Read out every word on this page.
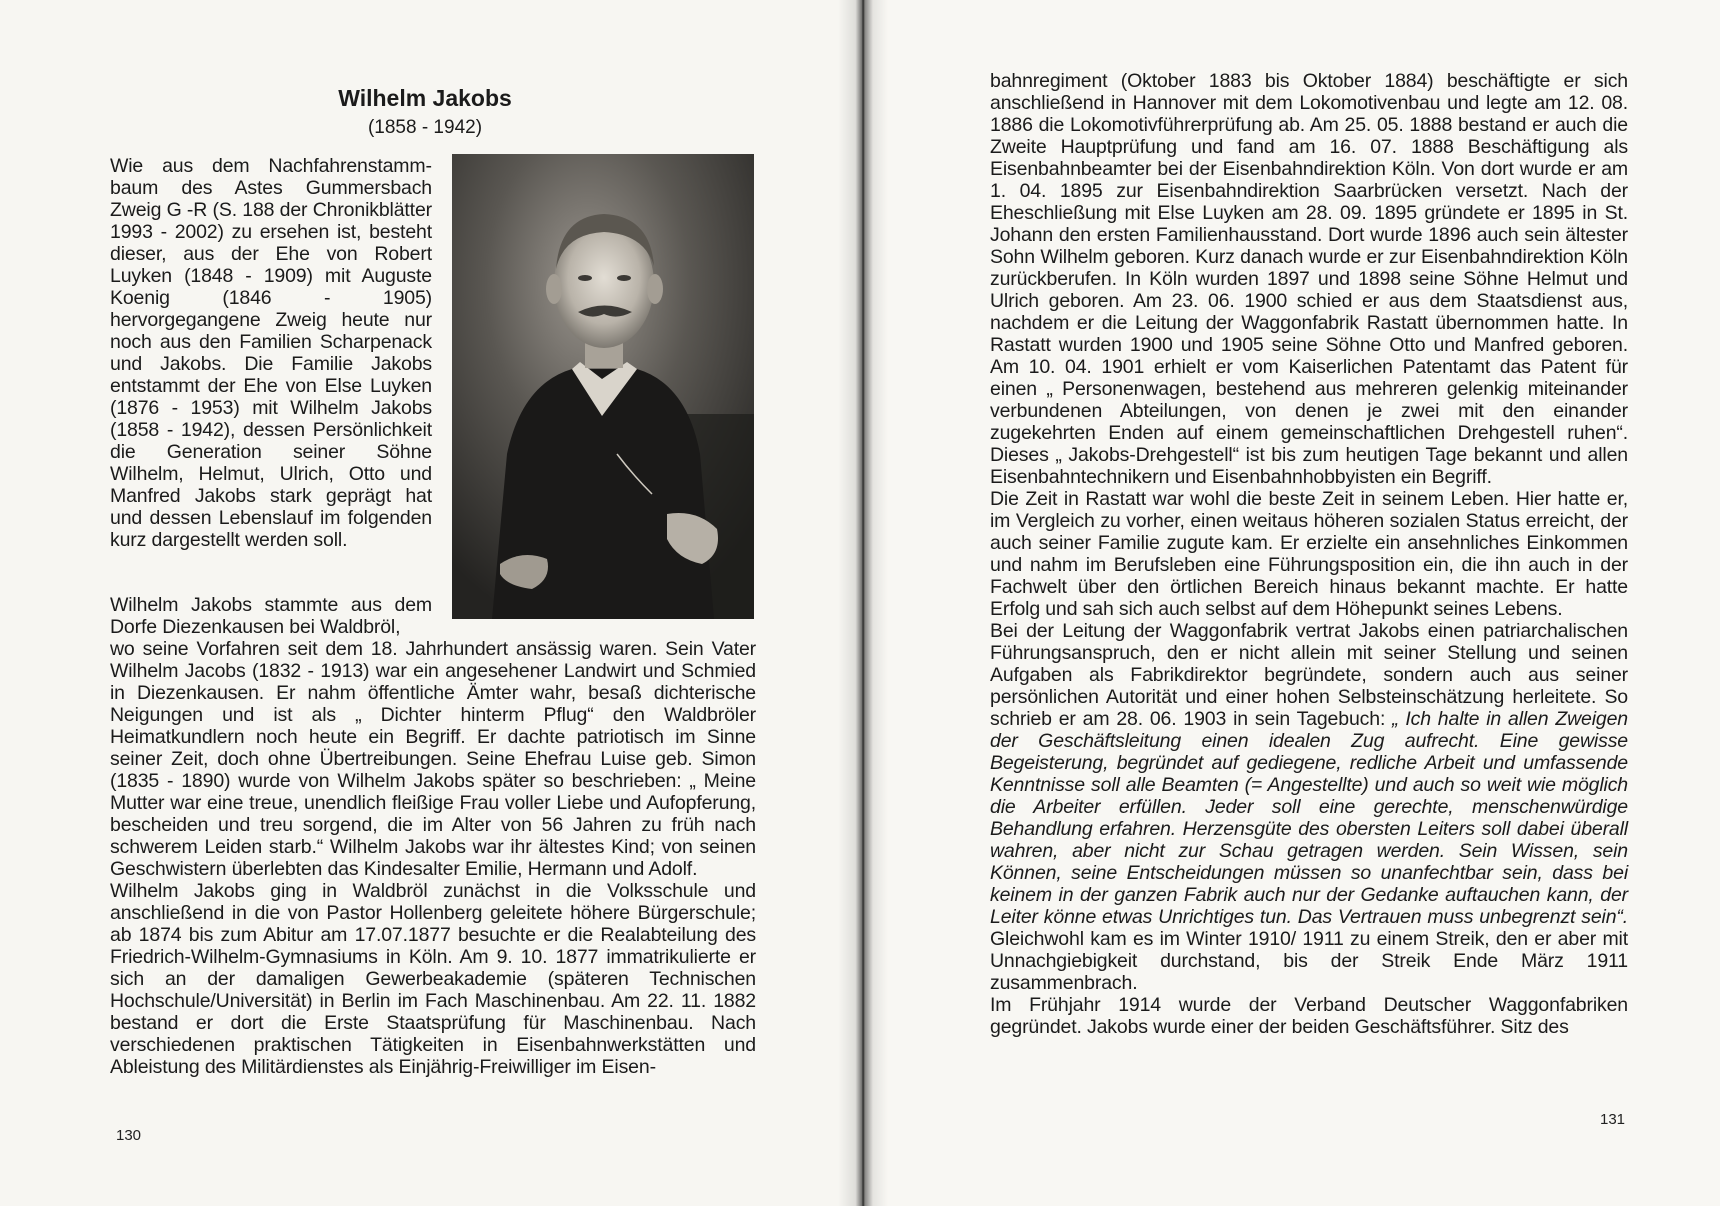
Wilhelm Jakobs
(1858 - 1942)

Wie aus dem Nachfahrenstammbaum des Astes Gummersbach Zweig G -R (S. 188 der Chronikblätter 1993 - 2002) zu ersehen ist, besteht dieser, aus der Ehe von Robert Luyken (1848 - 1909) mit Auguste Koenig (1846 - 1905) hervorgegangene Zweig heute nur noch aus den Familien Scharpenack und Jakobs. Die Familie Jakobs entstammt der Ehe von Else Luyken (1876 - 1953) mit Wilhelm Jakobs (1858 - 1942), dessen Persönlichkeit die Generation seiner Söhne Wilhelm, Helmut, Ulrich, Otto und Manfred Jakobs stark geprägt hat und dessen Lebenslauf im folgenden kurz dargestellt werden soll.

Wilhelm Jakobs stammte aus dem Dorfe Diezenkausen bei Waldbröl,

wo seine Vorfahren seit dem 18. Jahrhundert ansässig waren. Sein Vater Wilhelm Jacobs (1832 - 1913) war ein angesehener Landwirt und Schmied in Diezenkausen. Er nahm öffentliche Ämter wahr, besaß dichterische Neigungen und ist als „ Dichter hinterm Pflug“ den Waldbröler Heimatkundlern noch heute ein Begriff. Er dachte patriotisch im Sinne seiner Zeit, doch ohne Übertreibungen. Seine Ehefrau Luise geb. Simon (1835 - 1890) wurde von Wilhelm Jakobs später so beschrieben: „ Meine Mutter war eine treue, unendlich fleißige Frau voller Liebe und Aufopferung, bescheiden und treu sorgend, die im Alter von 56 Jahren zu früh nach schwerem Leiden starb.“ Wilhelm Jakobs war ihr ältestes Kind; von seinen Geschwistern überlebten das Kindesalter Emilie, Hermann und Adolf.

Wilhelm Jakobs ging in Waldbröl zunächst in die Volksschule und anschließend in die von Pastor Hollenberg geleitete höhere Bürgerschule; ab 1874 bis zum Abitur am 17.07.1877 besuchte er die Realabteilung des Friedrich-Wilhelm-Gymnasiums in Köln. Am 9. 10. 1877 immatrikulierte er sich an der damaligen Gewerbeakademie (späteren Technischen Hochschule/Universität) in Berlin im Fach Maschinenbau. Am 22. 11. 1882 bestand er dort die Erste Staatsprüfung für Maschinenbau. Nach verschiedenen praktischen Tätigkeiten in Eisenbahnwerkstätten und Ableistung des Militärdienstes als Einjährig-Freiwilliger im Eisen-

130

bahnregiment (Oktober 1883 bis Oktober 1884) beschäftigte er sich anschließend in Hannover mit dem Lokomotivenbau und legte am 12. 08. 1886 die Lokomotivführerprüfung ab. Am 25. 05. 1888 bestand er auch die Zweite Hauptprüfung und fand am 16. 07. 1888 Beschäftigung als Eisenbahnbeamter bei der Eisenbahndirektion Köln. Von dort wurde er am 1. 04. 1895 zur Eisenbahndirektion Saarbrücken versetzt. Nach der Eheschließung mit Else Luyken am 28. 09. 1895 gründete er 1895 in St. Johann den ersten Familienhausstand. Dort wurde 1896 auch sein ältester Sohn Wilhelm geboren. Kurz danach wurde er zur Eisenbahndirektion Köln zurückberufen. In Köln wurden 1897 und 1898 seine Söhne Helmut und Ulrich geboren. Am 23. 06. 1900 schied er aus dem Staatsdienst aus, nachdem er die Leitung der Waggonfabrik Rastatt übernommen hatte. In Rastatt wurden 1900 und 1905 seine Söhne Otto und Manfred geboren. Am 10. 04. 1901 erhielt er vom Kaiserlichen Patentamt das Patent für einen „ Personenwagen, bestehend aus mehreren gelenkig miteinander verbundenen Abteilungen, von denen je zwei mit den einander zugekehrten Enden auf einem gemeinschaftlichen Drehgestell ruhen“. Dieses „ Jakobs-Drehgestell“ ist bis zum heutigen Tage bekannt und allen Eisenbahntechnikern und Eisenbahnhobbyisten ein Begriff.

Die Zeit in Rastatt war wohl die beste Zeit in seinem Leben. Hier hatte er, im Vergleich zu vorher, einen weitaus höheren sozialen Status erreicht, der auch seiner Familie zugute kam. Er erzielte ein ansehnliches Einkommen und nahm im Berufsleben eine Führungsposition ein, die ihn auch in der Fachwelt über den örtlichen Bereich hinaus bekannt machte. Er hatte Erfolg und sah sich auch selbst auf dem Höhepunkt seines Lebens.

Bei der Leitung der Waggonfabrik vertrat Jakobs einen patriarchalischen Führungsanspruch, den er nicht allein mit seiner Stellung und seinen Aufgaben als Fabrikdirektor begründete, sondern auch aus seiner persönlichen Autorität und einer hohen Selbsteinschätzung herleitete. So schrieb er am 28. 06. 1903 in sein Tagebuch: „ Ich halte in allen Zweigen der Geschäftsleitung einen idealen Zug aufrecht. Eine gewisse Begeisterung, begründet auf gediegene, redliche Arbeit und umfassende Kenntnisse soll alle Beamten (= Angestellte) und auch so weit wie möglich die Arbeiter erfüllen. Jeder soll eine gerechte, menschenwürdige Behandlung erfahren. Herzensgüte des obersten Leiters soll dabei überall wahren, aber nicht zur Schau getragen werden. Sein Wissen, sein Können, seine Entscheidungen müssen so unanfechtbar sein, dass bei keinem in der ganzen Fabrik auch nur der Gedanke auftauchen kann, der Leiter könne etwas Unrichtiges tun. Das Vertrauen muss unbegrenzt sein“. Gleichwohl kam es im Winter 1910/ 1911 zu einem Streik, den er aber mit Unnachgiebigkeit durchstand, bis der Streik Ende März 1911 zusammenbrach.

Im Frühjahr 1914 wurde der Verband Deutscher Waggonfabriken gegründet. Jakobs wurde einer der beiden Geschäftsführer. Sitz des

131
